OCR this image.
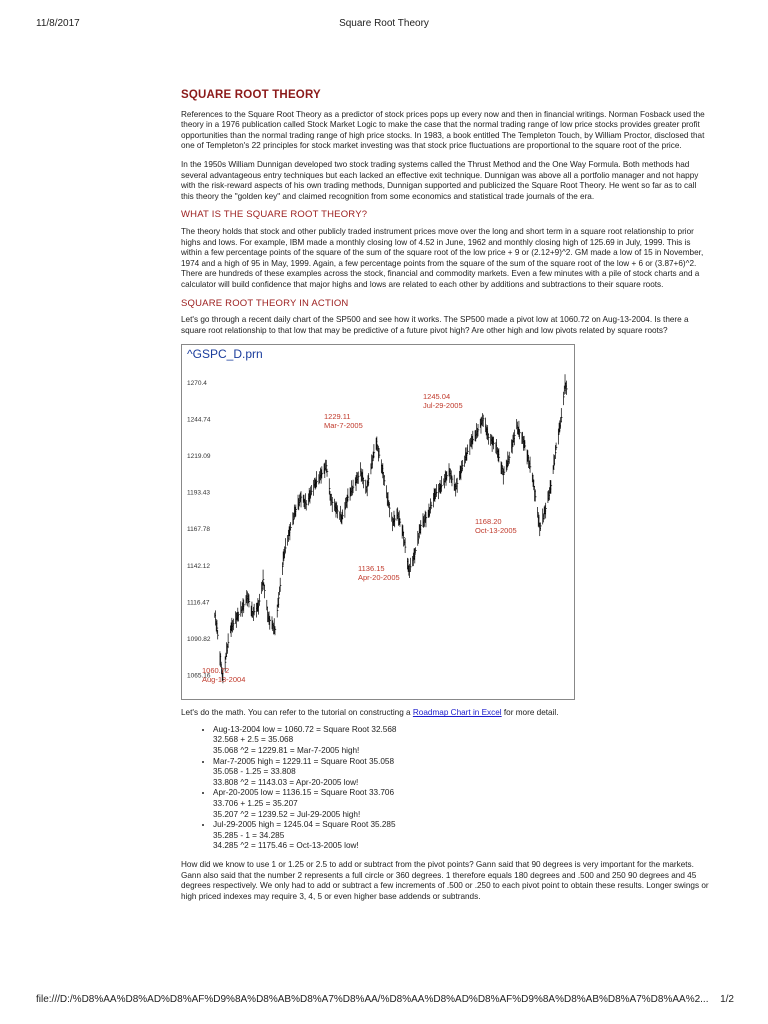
11/8/2017	Square Root Theory
SQUARE ROOT THEORY

References to the Square Root Theory as a predictor of stock prices pops up every now and then in financial writings. Norman Fosback used the theory in a 1976 publication called Stock Market Logic to make the case that the normal trading range of low price stocks provides greater profit opportunities than the normal trading range of high price stocks. In 1983, a book entitled The Templeton Touch, by William Proctor, disclosed that one of Templeton's 22 principles for stock market investing was that stock price fluctuations are proportional to the square root of the price.

In the 1950s William Dunnigan developed two stock trading systems called the Thrust Method and the One Way Formula. Both methods had several advantageous entry techniques but each lacked an effective exit technique. Dunnigan was above all a portfolio manager and not happy with the risk-reward aspects of his own trading methods, Dunnigan supported and publicized the Square Root Theory. He went so far as to call this theory the "golden key" and claimed recognition from some economics and statistical trade journals of the era.

WHAT IS THE SQUARE ROOT THEORY?

The theory holds that stock and other publicly traded instrument prices move over the long and short term in a square root relationship to prior highs and lows. For example, IBM made a monthly closing low of 4.52 in June, 1962 and monthly closing high of 125.69 in July, 1999. This is within a few percentage points of the square of the sum of the square root of the low price + 9 or (2.12+9)^2. GM made a low of 15 in November, 1974 and a high of 95 in May, 1999. Again, a few percentage points from the square of the sum of the square root of the low + 6 or (3.87+6)^2. There are hundreds of these examples across the stock, financial and commodity markets. Even a few minutes with a pile of stock charts and a calculator will build confidence that major highs and lows are related to each other by additions and subtractions to their square roots.

SQUARE ROOT THEORY IN ACTION

Let's go through a recent daily chart of the SP500 and see how it works. The SP500 made a pivot low at 1060.72 on Aug-13-2004. Is there a square root relationship to that low that may be predictive of a future pivot high? Are other high and low pivots related by square roots?

^GSPC_D.prn
1270.4
1244.74
1219.09
1193.43
1167.78
1142.12
1116.47
1090.82
1065.16
1229.11
Mar-7-2005
1245.04
Jul-29-2005
1168.20
Oct-13-2005
1136.15
Apr-20-2005
1060.72
Aug-13-2004

Let's do the math. You can refer to the tutorial on constructing a Roadmap Chart in Excel for more detail.

• Aug-13-2004 low = 1060.72 = Square Root 32.568
32.568 + 2.5 = 35.068
35.068 ^2 = 1229.81 = Mar-7-2005 high!
• Mar-7-2005 high = 1229.11 = Square Root 35.058
35.058 - 1.25 = 33.808
33.808 ^2 = 1143.03 = Apr-20-2005 low!
• Apr-20-2005 low = 1136.15 = Square Root 33.706
33.706 + 1.25 = 35.207
35.207 ^2 = 1239.52 = Jul-29-2005 high!
• Jul-29-2005 high = 1245.04 = Square Root 35.285
35.285 - 1 = 34.285
34.285 ^2 = 1175.46 = Oct-13-2005 low!

How did we know to use 1 or 1.25 or 2.5 to add or subtract from the pivot points? Gann said that 90 degrees is very important for the markets. Gann also said that the number 2 represents a full circle or 360 degrees. 1 therefore equals 180 degrees and .500 and 250 90 degrees and 45 degrees respectively. We only had to add or subtract a few increments of .500 or .250 to each pivot point to obtain these results. Longer swings or high priced indexes may require 3, 4, 5 or even higher base addends or subtrands.

file:///D:/%D8%AA%D8%AD%D8%AF%D9%8A%D8%AB%D8%A7%D8%AA/%D8%AA%D8%AD%D8%AF%D9%8A%D8%AB%D8%A7%D8%AA%2... 1/2
